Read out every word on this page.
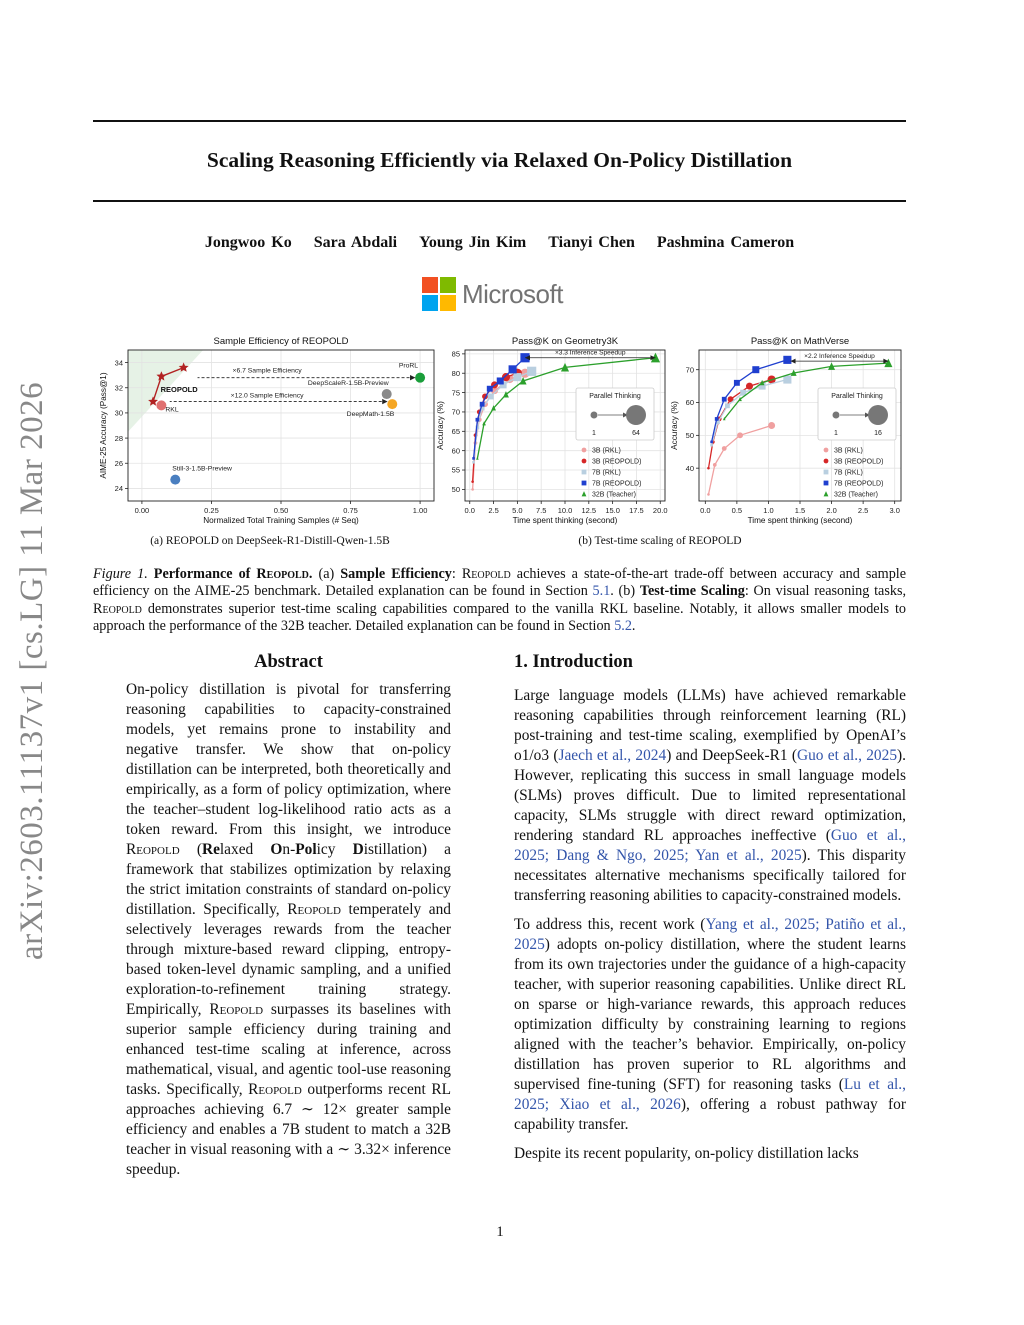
Scaling Reasoning Efficiently via Relaxed On-Policy Distillation
Jongwoo Ko Sara Abdali Young Jin Kim Tianyi Chen Pashmina Cameron
Microsoft
arXiv:2603.11137v1 [cs.LG] 11 Mar 2026	0.00	0.25	0.50	0.75	1.00
24
26
28
30
32
34
Sample Efficiency of REOPOLD
Normalized Total Training Samples (# Seq)
AIME-25 Accuracy (Pass@1)
ProRL
DeepScaleR-1.5B-Preview
DeepMath-1.5B
Still-3-1.5B-Preview
RKL
REOPOLD
×6.7 Sample Efficiency
×12.0 Sample Efficiency
0.0 2.5 5.0 7.5 10.0 12.5 15.0 17.5 20.0
50
55
60
65
70
75
80
85
Pass@K on Geometry3K
Time spent thinking (second)
Accuracy (%)
×3.3 Inference Speedup
Parallel Thinking
1	64
3B (RKL)
3B (REOPOLD)
7B (RKL)
7B (REOPOLD)
32B (Teacher)
0.0	0.5	1.0	1.5	2.0	2.5	3.0
40
50
60
70
Pass@K on MathVerse
Time spent thinking (second)
Accuracy (%)
×2.2 Inference Speedup
Parallel Thinking
1	16
3B (RKL)
3B (REOPOLD)
7B (RKL)
7B (REOPOLD)
32B (Teacher)
(a) REOPOLD on DeepSeek-R1-Distill-Qwen-1.5B	(b) Test-time scaling of REOPOLD
Figure 1. Performance of Reopold. (a) Sample Efficiency: Reopold achieves a state-of-the-art trade-off between accuracy and sample efficiency on the AIME-25 benchmark. Detailed explanation can be found in Section 5.1. (b) Test-time Scaling: On visual reasoning tasks, Reopold demonstrates superior test-time scaling capabilities compared to the vanilla RKL baseline. Notably, it allows smaller models to approach the performance of the 32B teacher. Detailed explanation can be found in Section 5.2.
Abstract

On-policy distillation is pivotal for transferring reasoning capabilities to capacity-constrained models, yet remains prone to instability and negative transfer. We show that on-policy distillation can be interpreted, both theoretically and empirically, as a form of policy optimization, where the teacher–student log-likelihood ratio acts as a token reward. From this insight, we introduce Reopold (Relaxed On-Policy Distillation) a framework that stabilizes optimization by relaxing the strict imitation constraints of standard on-policy distillation. Specifically, Reopold temperately and selectively leverages rewards from the teacher through mixture-based reward clipping, entropy-based token-level dynamic sampling, and a unified exploration-to-refinement training strategy. Empirically, Reopold surpasses its baselines with superior sample efficiency during training and enhanced test-time scaling at inference, across mathematical, visual, and agentic tool-use reasoning tasks. Specifically, Reopold outperforms recent RL approaches achieving 6.7 ∼ 12× greater sample efficiency and enables a 7B student to match a 32B teacher in visual reasoning with a ∼ 3.32× inference speedup.

1. Introduction

Large language models (LLMs) have achieved remarkable reasoning capabilities through reinforcement learning (RL) post-training and test-time scaling, exemplified by OpenAI’s o1/o3 (Jaech et al., 2024) and DeepSeek-R1 (Guo et al., 2025). However, replicating this success in small language models (SLMs) proves difficult. Due to limited representational capacity, SLMs struggle with direct reward optimization, rendering standard RL approaches ineffective (Guo et al., 2025; Dang & Ngo, 2025; Yan et al., 2025). This disparity necessitates alternative mechanisms specifically tailored for transferring reasoning abilities to capacity-constrained models.

To address this, recent work (Yang et al., 2025; Patiño et al., 2025) adopts on-policy distillation, where the student learns from its own trajectories under the guidance of a high-capacity teacher, with superior reasoning capabilities. Unlike direct RL on sparse or high-variance rewards, this approach reduces optimization difficulty by constraining learning to regions aligned with the teacher’s behavior. Empirically, on-policy distillation has proven superior to RL algorithms and supervised fine-tuning (SFT) for reasoning tasks (Lu et al., 2025; Xiao et al., 2026), offering a robust pathway for capability transfer.

Despite its recent popularity, on-policy distillation lacks

1
